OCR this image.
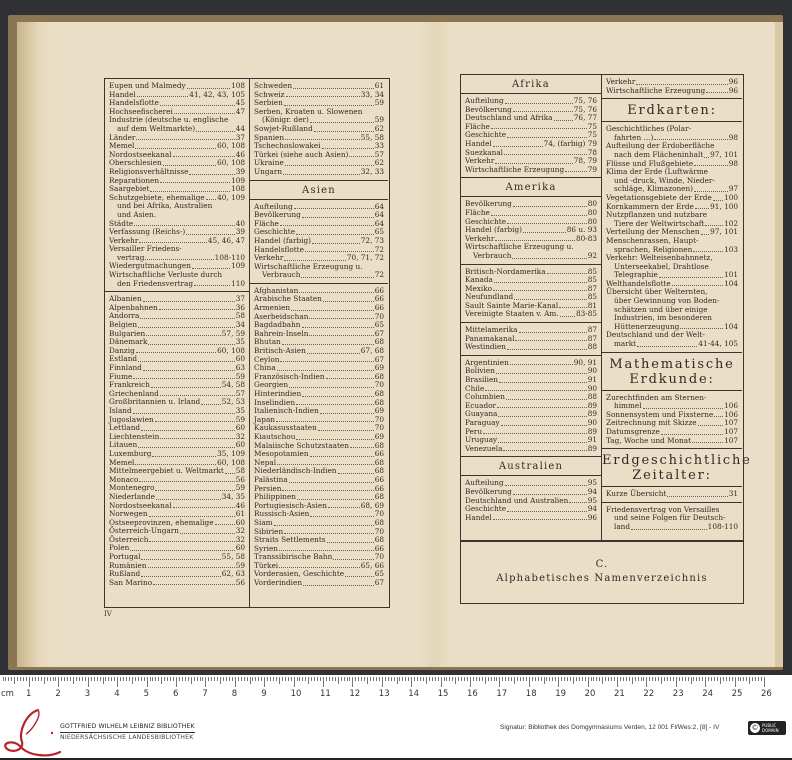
Eupen und Malmedy	108
Handel	41, 42, 43, 105
Handelsflotte	45
Hochseefischerei	47
Industrie (deutsche u. englische
auf dem Weltmarkte)	44
Länder	37
Memel	60, 108
Nordostseekanal	46
Oberschlesien	60, 108
Religionsverhältnisse	39
Reparationen	109
Saargebiet	108
Schutzgebiete, ehemalige 40, 109
und bei Afrika, Australien
und Asien.
Städte	40
Verfassung (Reichs-)	39
Verkehr	45, 46, 47
Versailler Friedens-
vertrag	108-110
Wiedergutmachungen	109
Wirtschaftliche Verluste durch
den Friedensvertrag	110
Albanien	37
Alpenbahnen	36
Andorra	58
Belgien	34
Bulgarien	57, 59
Dänemark	35
Danzig	60, 108
Estland	60
Finnland	63
Fiume	59
Frankreich	54, 58
Griechenland	57
Großbritannien u. Irland	52, 53
Island	35
Jugoslawien	59
Lettland	60
Liechtenstein	32
Litauen	60
Luxemburg	35, 109
Memel	60, 108
Mittelmeergebiet u. Weltmarkt 58
Monaco	56
Montenegro	59
Niederlande	34, 35
Nordostseekanal	46
Norwegen	61
Ostseeprovinzen, ehemalige	60
Österreich-Ungarn	32
Österreich	32
Polen	60
Portugal	55, 58
Rumänien	59
Rußland	62, 63
San Marino	56
Schweden	61
Schweiz	33, 34
Serbien	59
Serben, Kroaten u. Slowenen
(Königr. der)	59
Sowjet-Rußland	62
Spanien	55, 58
Tschechoslowakei	33
Türkei (siehe auch Asien)	57
Ukraine	62
Ungarn	32, 33
Asien
Aufteilung	64
Bevölkerung	64
Fläche	64
Geschichte	65
Handel (farbig)	72, 73
Handelsflotte	72
Verkehr	70, 71, 72
Wirtschaftliche Erzeugung u.
Verbrauch	72
Afghanistan	66
Arabische Staaten	66
Armenien	66
Aserbeidschan	70
Bagdadbahn	65
Bahrein-Inseln	67
Bhutan	68
Britisch-Asien	67, 68
Ceylon	67
China	69
Französisch-Indien	68
Georgien	70
Hinterindien	68
Inselindien	68
Italienisch-Indien	69
Japan	70
Kaukasusstaaten	70
Kiautschou	69
Malaiische Schutzstaaten	68
Mesopotamien	66
Nepal	68
Niederländisch-Indien	68
Palästina	66
Persien	66
Philippinen	68
Portugiesisch-Asien	68, 69
Russisch-Asien	70
Siam	68
Sibirien	70
Straits Settlements	68
Syrien	66
Transsibirische Bahn	70
Türkei	65, 66
Vorderasien, Geschichte	65
Vorderindien	67
IV
Afrika
Aufteilung	75, 76
Bevölkerung	75, 76
Deutschland und Afrika	76, 77
Fläche	75
Geschichte	75
Handel	74, (farbig) 79
Suezkanal	78
Verkehr	78, 79
Wirtschaftliche Erzeugung	79
Amerika
Bevölkerung	80
Fläche	80
Geschichte	80
Handel (farbig)	86 u. 93
Verkehr	80-83
Wirtschaftliche Erzeugung u.
Verbrauch	92
Britisch-Nordamerika	85
Kanada	85
Mexiko	87
Neufundland	85
Sault Sainte Marie-Kanal	81
Vereinigte Staaten v. Am. 83-85
Mittelamerika	87
Panamakanal	87
Westindien	88
Argentinien	90, 91
Bolivien	90
Brasilien	91
Chile	90
Columbien	88
Ecuador	89
Guayana	89
Paraguay	90
Peru	89
Uruguay	91
Venezuela	89
Australien
Aufteilung	95
Bevölkerung	94
Deutschland und Australien	95
Geschichte	94
Handel	96
Verkehr	96
Wirtschaftliche Erzeugung	96
Erdkarten:
Geschichtliches (Polar-
fahrten ...)	98
Aufteilung der Erdoberfläche
nach dem Flächeninhalt 97, 101
Flüsse und Flußgebiete	98
Klima der Erde (Luftwärme
und -druck, Winde, Nieder-
schläge, Klimazonen)	97
Vegetationsgebiete der Erde 100
Kornkammern der Erde 91, 100
Nutzpflanzen und nutzbare
Tiere der Weltwirtschaft	102
Verteilung der Menschen 97, 101
Menschenrassen, Haupt-
sprachen, Religionen	103
Verkehr: Welteisenbahnnetz,
Unterseekabel, Drahtlose
Telegraphie	101
Welthandelsflotte	104
Übersicht über Welternten,
über Gewinnung von Boden-
schätzen und über einige
Industrien, im besonderen
Hüttenerzeugung	104
Deutschland und der Welt-
markt	41-44, 105
Mathematische Erdkunde:
Zurechtfinden am Sternen-
himmel	106
Sonnensystem und Fixsterne 106
Zeitrechnung mit Skizze	107
Datumsgrenze	107
Tag, Woche und Monat	107
Erdgeschichtliche Zeitalter:
Kurze Übersicht	31
Friedensvertrag von Versailles
und seine Folgen für Deutsch-
land	108-110
C.
Alphabetisches Namenverzeichnis
cm 1	2	3	4	5	6	7	8	9	10 11 12 13 14 15 16 17 18 19 20 21 22 23 24 25 26
GOTTFRIED WILHELM LEIBNIZ BIBLIOTHEK
NIEDERSÄCHSISCHE LANDESBIBLIOTHEK
Signatur: Bibliothek des Domgymnasiums Verden, 12 001 Fl/Wes:2, [8] - IV	© PUBLIC DOMAIN
